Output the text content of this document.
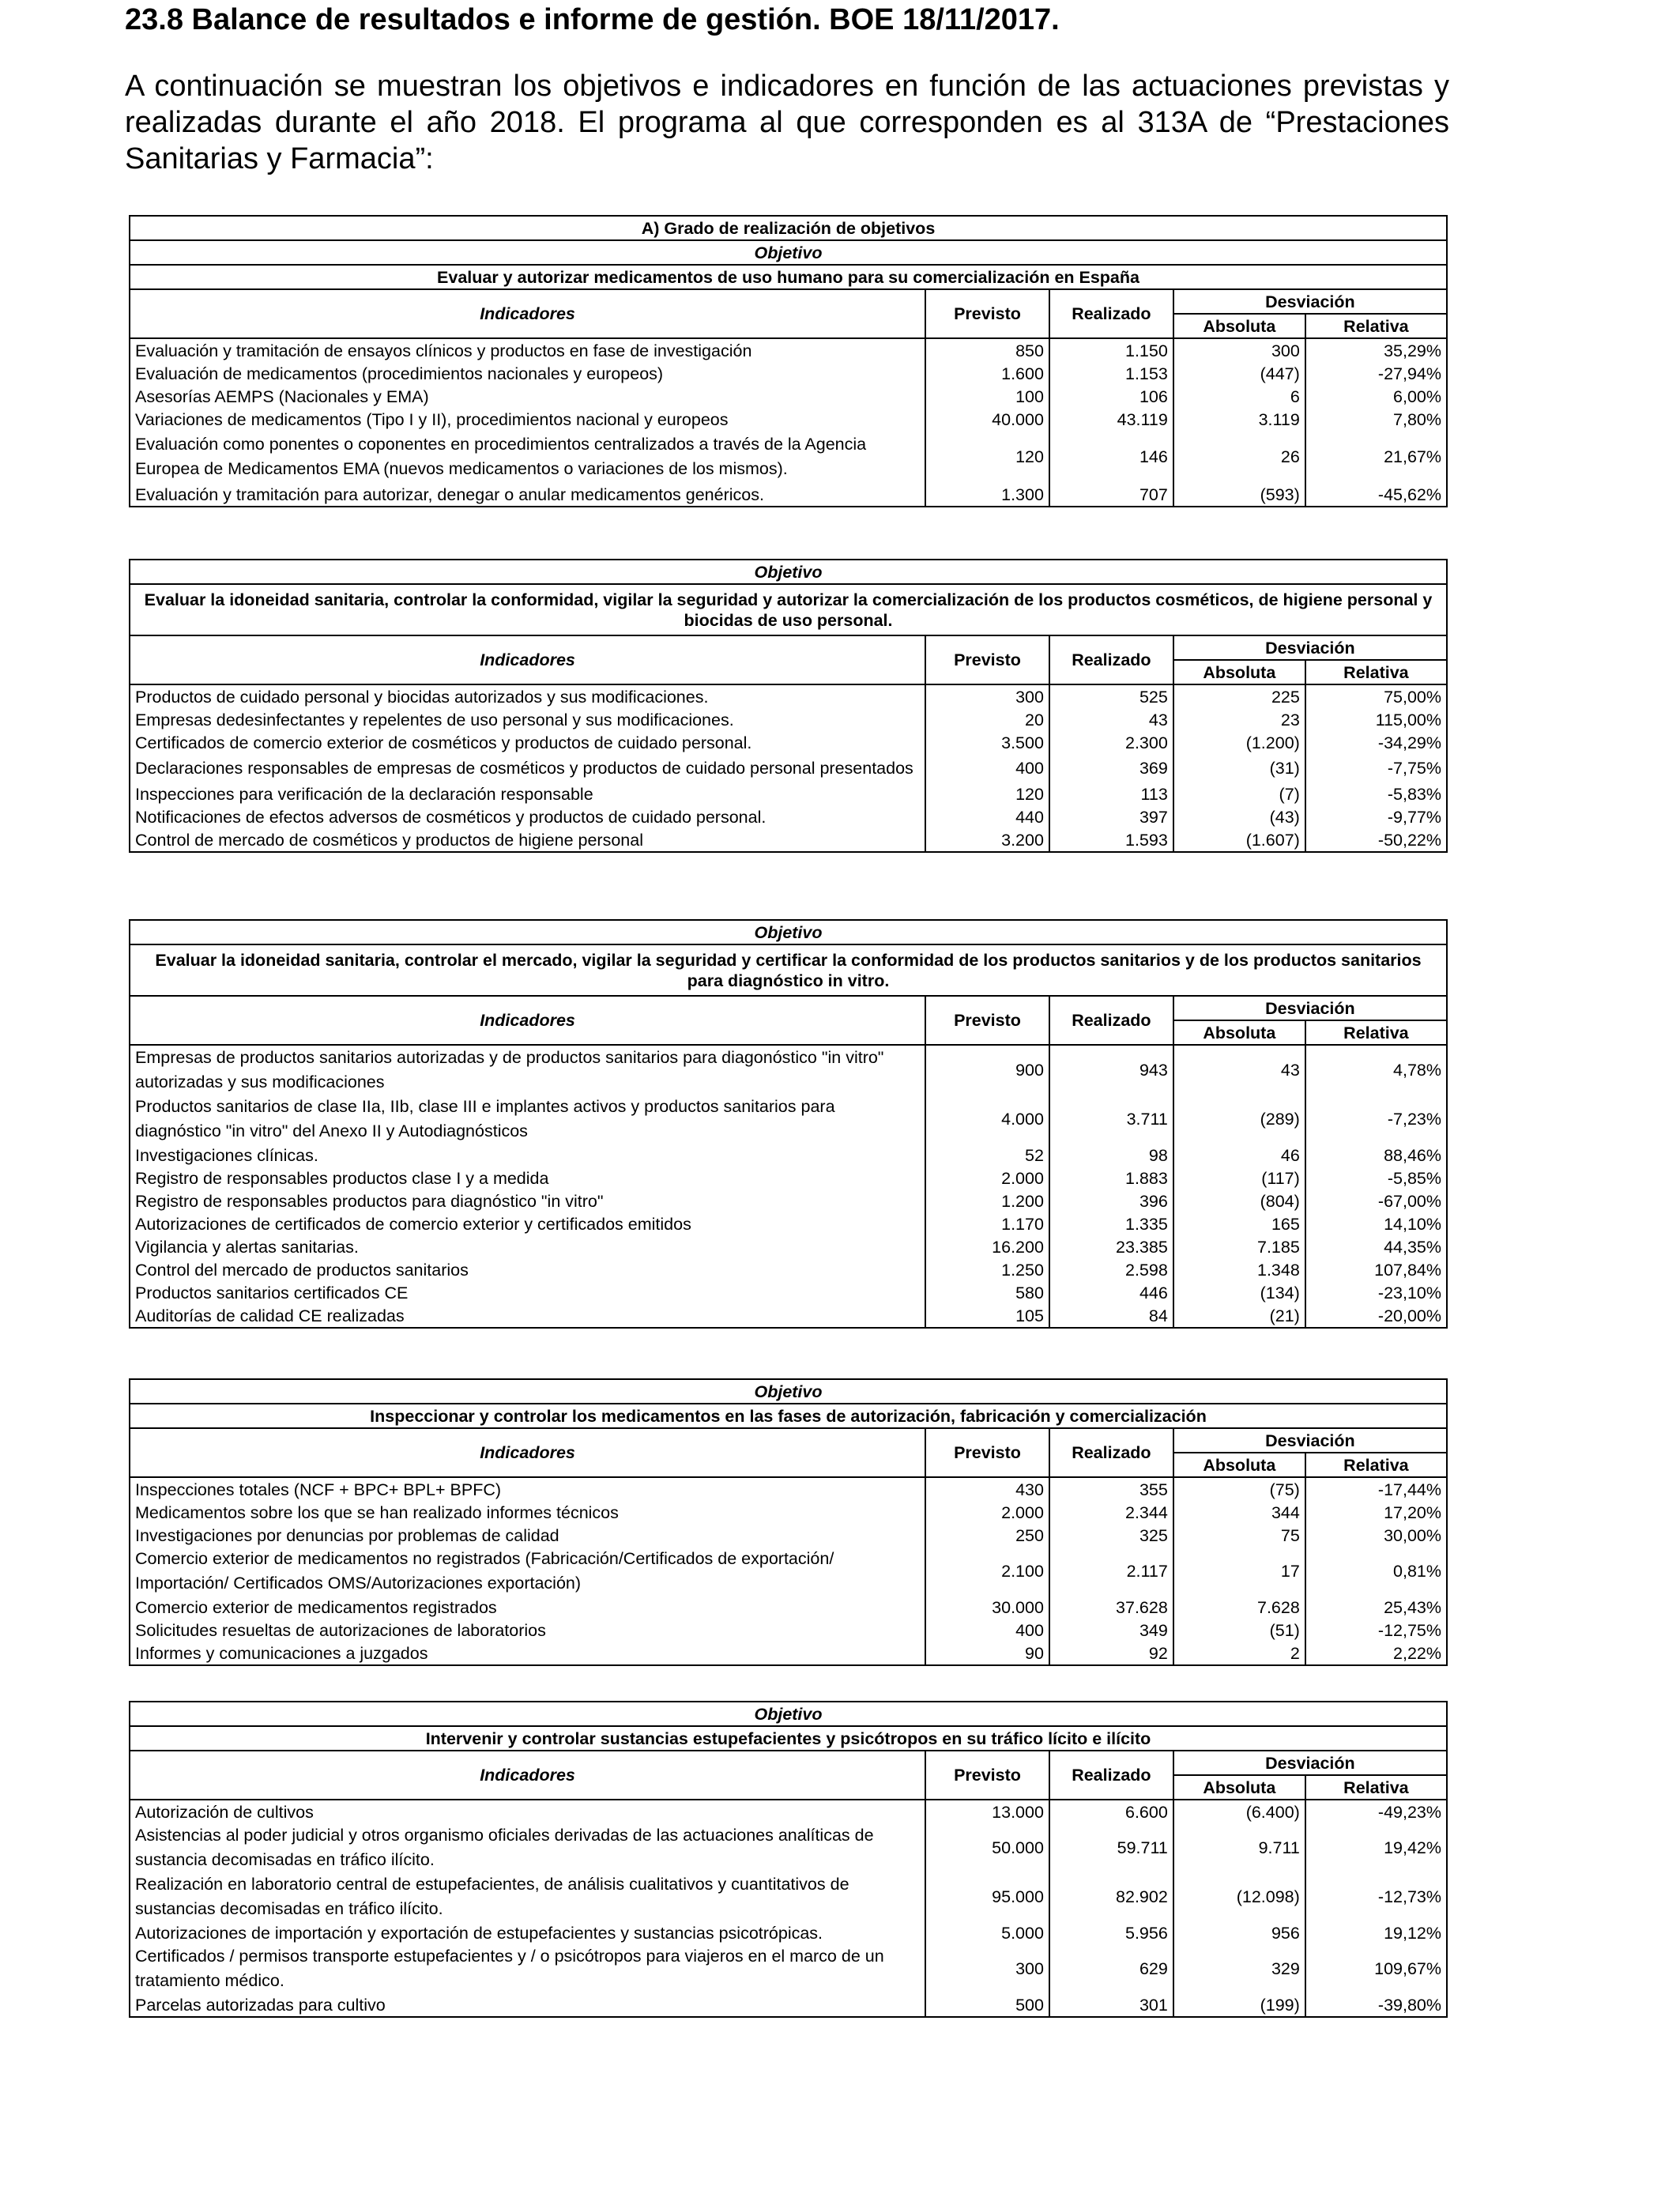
23.8 Balance de resultados e informe de gestión. BOE 18/11/2017.

A continuación se muestran los objetivos e indicadores en función de las actuaciones previstas y realizadas durante el año 2018. El programa al que corresponden es al 313A de “Prestaciones Sanitarias y Farmacia”:

A) Grado de realización de objetivos				
Objetivo				
Evaluar y autorizar medicamentos de uso humano para su comercialización en España				
Indicadores	Previsto	Realizado	Desviación	
			Absoluta	Relativa
Evaluación y tramitación de ensayos clínicos y productos en fase de investigación	850	1.150	300	35,29%
Evaluación de medicamentos (procedimientos nacionales y europeos)	1.600	1.153	(447)	-27,94%
Asesorías AEMPS (Nacionales y EMA)	100	106	6	6,00%
Variaciones de medicamentos (Tipo I y II), procedimientos nacional y europeos	40.000	43.119	3.119	7,80%
Evaluación como ponentes o coponentes en procedimientos centralizados a través de la Agencia Europea de Medicamentos EMA (nuevos medicamentos o variaciones de los mismos).	120	146	26	21,67%
Evaluación y tramitación para autorizar, denegar o anular medicamentos genéricos.	1.300	707	(593)	-45,62%
Objetivo				
Evaluar la idoneidad sanitaria, controlar la conformidad, vigilar la seguridad y autorizar la comercialización de los productos cosméticos, de higiene personal y biocidas de uso personal.				
Indicadores	Previsto	Realizado	Desviación	
			Absoluta	Relativa
Productos de cuidado personal y biocidas autorizados y sus modificaciones.	300	525	225	75,00%
Empresas dedesinfectantes y repelentes de uso personal y sus modificaciones.	20	43	23	115,00%
Certificados de comercio exterior de cosméticos y productos de cuidado personal.	3.500	2.300	(1.200)	-34,29%
Declaraciones responsables de empresas de cosméticos y productos de cuidado personal presentados	400	369	(31)	-7,75%
Inspecciones para verificación de la declaración responsable	120	113	(7)	-5,83%
Notificaciones de efectos adversos de cosméticos y productos de cuidado personal.	440	397	(43)	-9,77%
Control de mercado de cosméticos y productos de higiene personal	3.200	1.593	(1.607)	-50,22%
Objetivo				
Evaluar la idoneidad sanitaria, controlar el mercado, vigilar la seguridad y certificar la conformidad de los productos sanitarios y de los productos sanitarios para diagnóstico in vitro.				
Indicadores	Previsto	Realizado	Desviación	
			Absoluta	Relativa
Empresas de productos sanitarios autorizadas y de productos sanitarios para diagonóstico "in vitro" autorizadas y sus modificaciones	900	943	43	4,78%
Productos sanitarios de clase IIa, IIb, clase III e implantes activos y productos sanitarios para diagnóstico "in vitro" del Anexo II y Autodiagnósticos	4.000	3.711	(289)	-7,23%
Investigaciones clínicas.	52	98	46	88,46%
Registro de responsables productos clase I y a medida	2.000	1.883	(117)	-5,85%
Registro de responsables productos para diagnóstico "in vitro"	1.200	396	(804)	-67,00%
Autorizaciones de certificados de comercio exterior y certificados emitidos	1.170	1.335	165	14,10%
Vigilancia y alertas sanitarias.	16.200	23.385	7.185	44,35%
Control del mercado de productos sanitarios	1.250	2.598	1.348	107,84%
Productos sanitarios certificados CE	580	446	(134)	-23,10%
Auditorías de calidad CE realizadas	105	84	(21)	-20,00%
Objetivo				
Inspeccionar y controlar los medicamentos en las fases de autorización, fabricación y comercialización				
Indicadores	Previsto	Realizado	Desviación	
			Absoluta	Relativa
Inspecciones totales (NCF + BPC+ BPL+ BPFC)	430	355	(75)	-17,44%
Medicamentos sobre los que se han realizado informes técnicos	2.000	2.344	344	17,20%
Investigaciones por denuncias por problemas de calidad	250	325	75	30,00%
Comercio exterior de medicamentos no registrados (Fabricación/Certificados de exportación/ Importación/ Certificados OMS/Autorizaciones exportación)	2.100	2.117	17	0,81%
Comercio exterior de medicamentos registrados	30.000	37.628	7.628	25,43%
Solicitudes resueltas de autorizaciones de laboratorios	400	349	(51)	-12,75%
Informes y comunicaciones a juzgados	90	92	2	2,22%
Objetivo				
Intervenir y controlar sustancias estupefacientes y psicótropos en su tráfico lícito e ilícito				
Indicadores	Previsto	Realizado	Desviación	
			Absoluta	Relativa
Autorización de cultivos	13.000	6.600	(6.400)	-49,23%
Asistencias al poder judicial y otros organismo oficiales derivadas de las actuaciones analíticas de sustancia decomisadas en tráfico ilícito.	50.000	59.711	9.711	19,42%
Realización en laboratorio central de estupefacientes, de análisis cualitativos y cuantitativos de sustancias decomisadas en tráfico ilícito.	95.000	82.902	(12.098)	-12,73%
Autorizaciones de importación y exportación de estupefacientes y sustancias psicotrópicas.	5.000	5.956	956	19,12%
Certificados / permisos transporte estupefacientes y / o psicótropos para viajeros en el marco de un tratamiento médico.	300	629	329	109,67%
Parcelas autorizadas para cultivo	500	301	(199)	-39,80%
